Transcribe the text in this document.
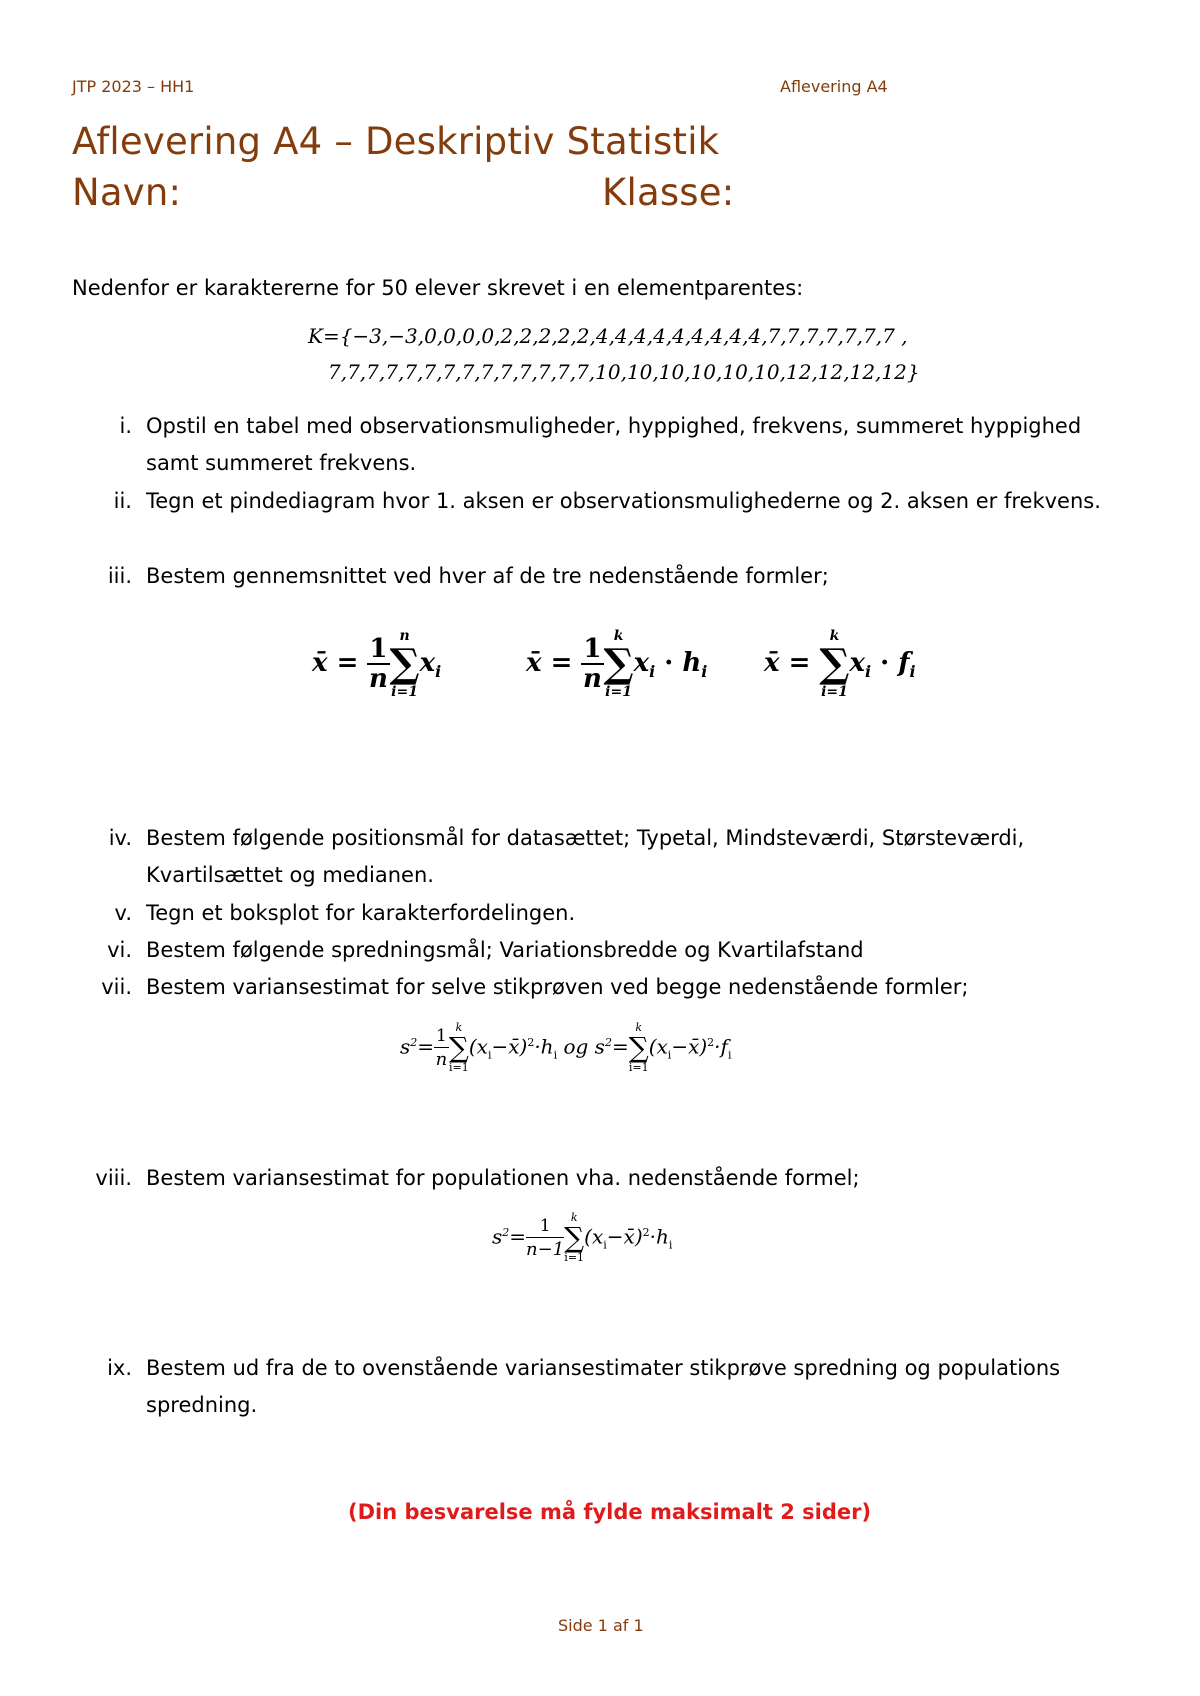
JTP 2023 – HH1	Aflevering A4
Aflevering A4 – Deskriptiv Statistik
Navn:	Klasse:
Nedenfor er karaktererne for 50 elever skrevet i en elementparentes:
K={−3,−3,0,0,0,0,2,2,2,2,2,4,4,4,4,4,4,4,4,4,7,7,7,7,7,7,7 ,
7,7,7,7,7,7,7,7,7,7,7,7,7,7,10,10,10,10,10,10,12,12,12,12}
i. Opstil en tabel med observationsmuligheder, hyppighed, frekvens, summeret hyppighed samt summeret frekvens.
ii. Tegn et pindediagram hvor 1. aksen er observationsmulighederne og 2. aksen er frekvens.
iii. Bestem gennemsnittet ved hver af de tre nedenstående formler;
x̄ = $\frac{1}{n}$ n
∑
i=1
$x_i$	x̄ = $\frac{1}{n}$ k
∑
i=1
$x_i \cdot h_i$ x̄ =
k
∑
i=1
$x_i \cdot f_i$
iv. Bestem følgende positionsmål for datasættet; Typetal, Mindsteværdi, Størsteværdi, Kvartilsættet og medianen.
v. Tegn et boksplot for karakterfordelingen.
vi. Bestem følgende spredningsmål; Variationsbredde og Kvartilafstand
vii. Bestem variansestimat for selve stikprøven ved begge nedenstående formler;
$s^2= \frac{1}{n}$ k
∑
i=1
$(x_i-x̄)^2\cdot h_i$ og $s^2=$
k
∑
i=1
$(x_i-x̄)^2\cdot f_i$
viii. Bestem variansestimat for populationen vha. nedenstående formel;
$s^2= \frac{1}{n-1}$ k
∑
i=1
$(x_i-x̄)^2\cdot h_i$
ix. Bestem ud fra de to ovenstående variansestimater stikprøve spredning og populations spredning.
(Din besvarelse må fylde maksimalt 2 sider)
Side 1 af 1
